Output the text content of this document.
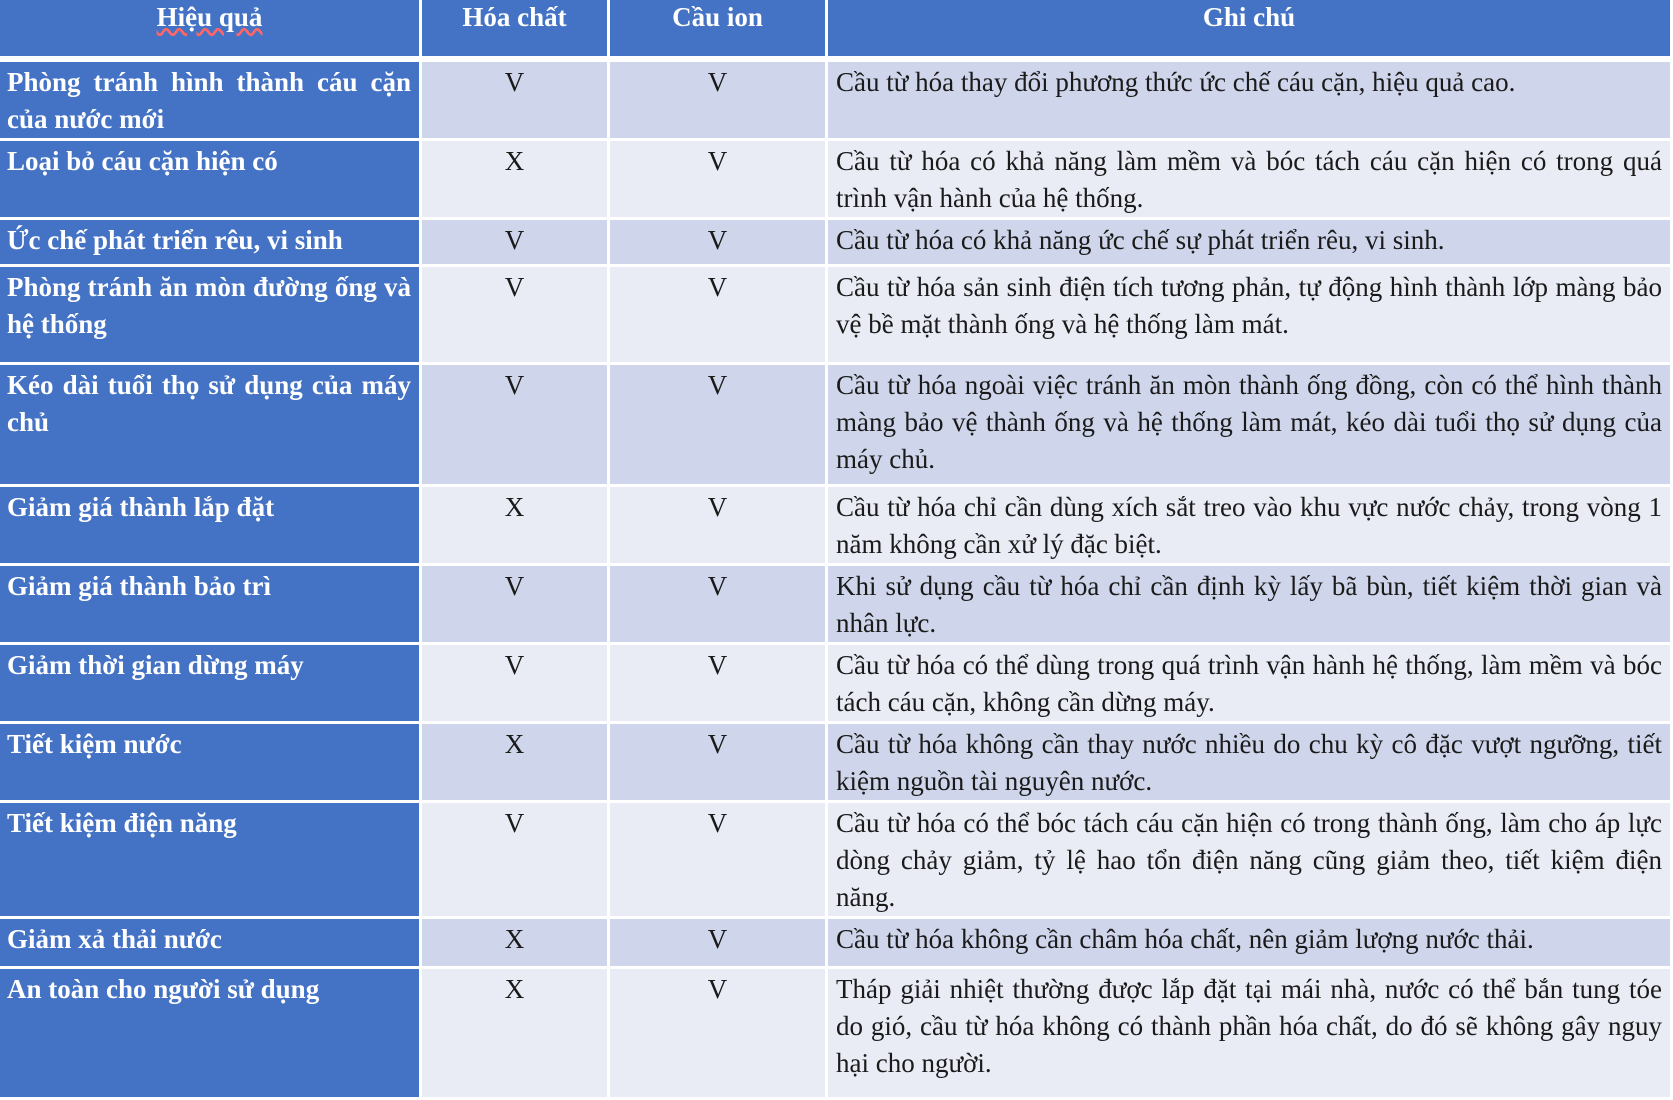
Hiệu quả	Hóa chất	Cầu ion	Ghi chú
Phòng tránh hình thành cáu cặn của nước mới	V	V	Cầu từ hóa thay đổi phương thức ức chế cáu cặn, hiệu quả cao.
Loại bỏ cáu cặn hiện có	X	V	Cầu từ hóa có khả năng làm mềm và bóc tách cáu cặn hiện có trong quá trình vận hành của hệ thống.
Ức chế phát triển rêu, vi sinh	V	V	Cầu từ hóa có khả năng ức chế sự phát triển rêu, vi sinh.
Phòng tránh ăn mòn đường ống và hệ thống	V	V	Cầu từ hóa sản sinh điện tích tương phản, tự động hình thành lớp màng bảo vệ bề mặt thành ống và hệ thống làm mát.
Kéo dài tuổi thọ sử dụng của máy chủ	V	V	Cầu từ hóa ngoài việc tránh ăn mòn thành ống đồng, còn có thể hình thành màng bảo vệ thành ống và hệ thống làm mát, kéo dài tuổi thọ sử dụng của máy chủ.
Giảm giá thành lắp đặt	X	V	Cầu từ hóa chỉ cần dùng xích sắt treo vào khu vực nước chảy, trong vòng 1 năm không cần xử lý đặc biệt.
Giảm giá thành bảo trì	V	V	Khi sử dụng cầu từ hóa chỉ cần định kỳ lấy bã bùn, tiết kiệm thời gian và nhân lực.
Giảm thời gian dừng máy	V	V	Cầu từ hóa có thể dùng trong quá trình vận hành hệ thống, làm mềm và bóc tách cáu cặn, không cần dừng máy.
Tiết kiệm nước	X	V	Cầu từ hóa không cần thay nước nhiều do chu kỳ cô đặc vượt ngưỡng, tiết kiệm nguồn tài nguyên nước.
Tiết kiệm điện năng	V	V	Cầu từ hóa có thể bóc tách cáu cặn hiện có trong thành ống, làm cho áp lực dòng chảy giảm, tỷ lệ hao tổn điện năng cũng giảm theo, tiết kiệm điện năng.
Giảm xả thải nước	X	V	Cầu từ hóa không cần châm hóa chất, nên giảm lượng nước thải.
An toàn cho người sử dụng	X	V	Tháp giải nhiệt thường được lắp đặt tại mái nhà, nước có thể bắn tung tóe do gió, cầu từ hóa không có thành phần hóa chất, do đó sẽ không gây nguy hại cho người.
